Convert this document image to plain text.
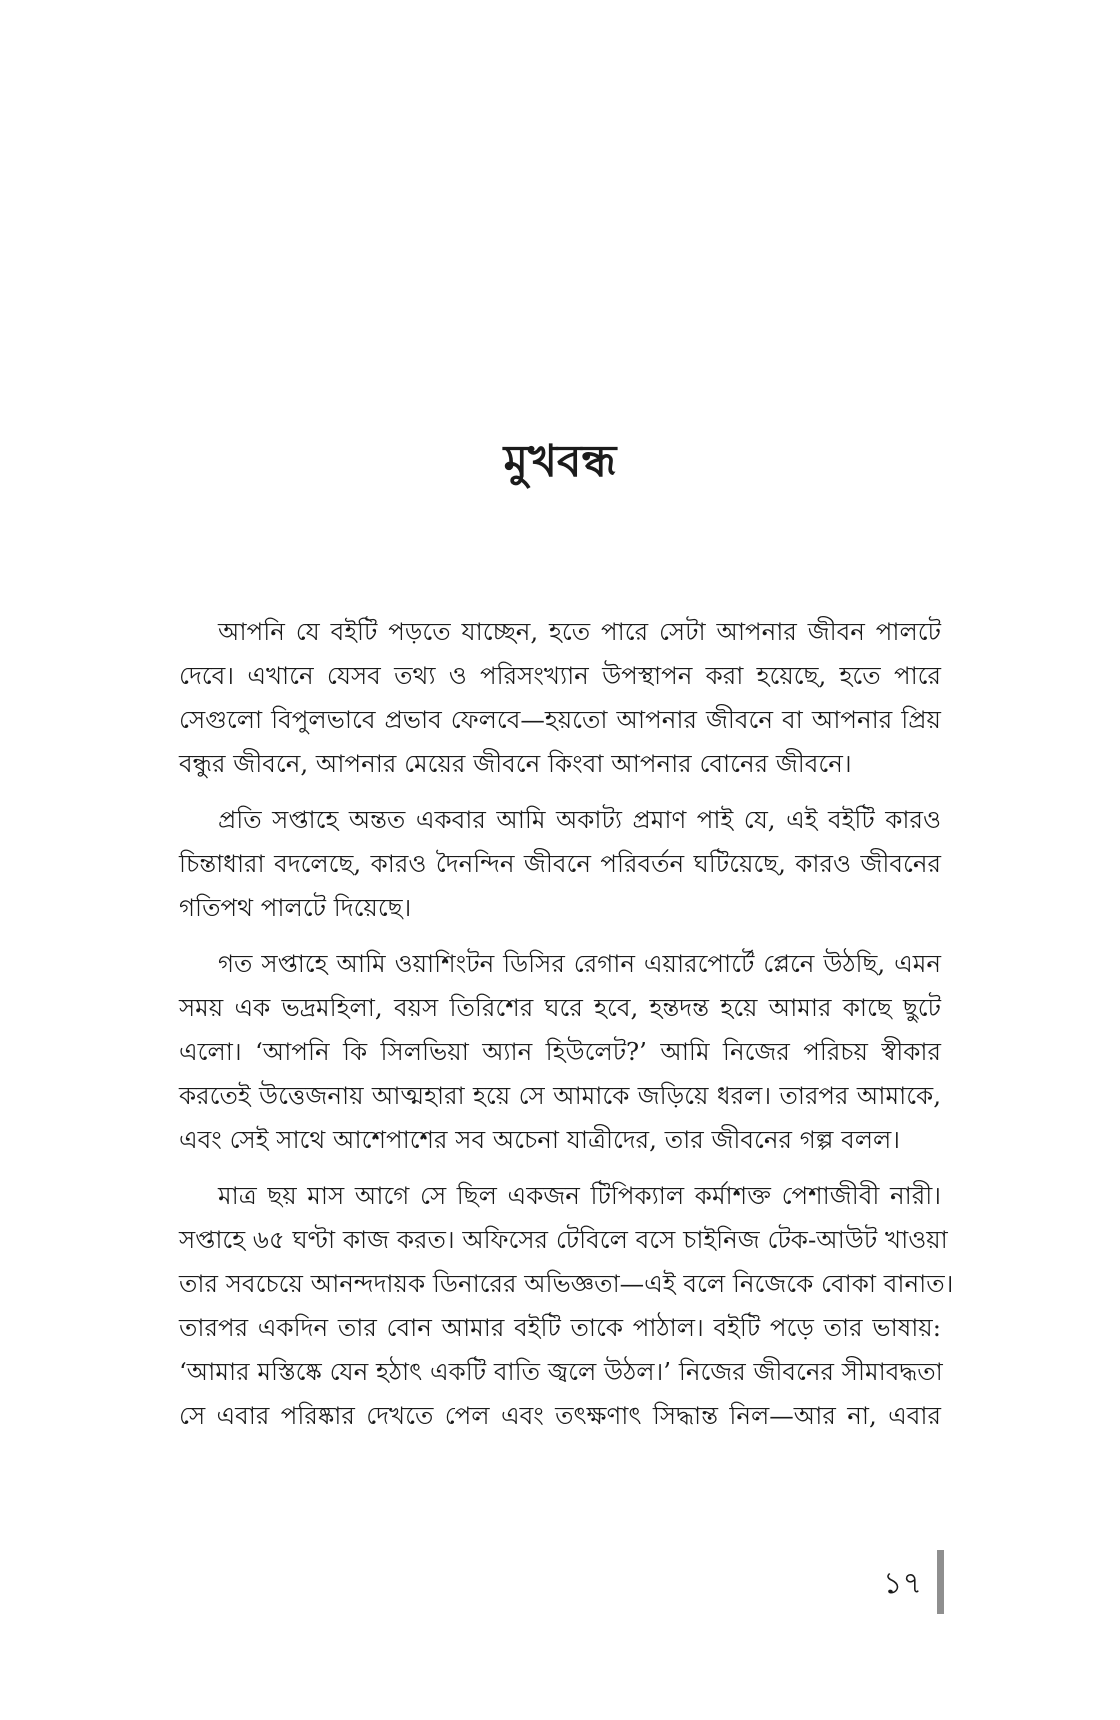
মুখবন্ধ

আপনি যে বইটি পড়তে যাচ্ছেন, হতে পারে সেটা আপনার জীবন পালটে
দেবে। এখানে যেসব তথ্য ও পরিসংখ্যান উপস্থাপন করা হয়েছে, হতে পারে
সেগুলো বিপুলভাবে প্রভাব ফেলবে—হয়তো আপনার জীবনে বা আপনার প্রিয়
বন্ধুর জীবনে, আপনার মেয়ের জীবনে কিংবা আপনার বোনের জীবনে।

প্রতি সপ্তাহে অন্তত একবার আমি অকাট্য প্রমাণ পাই যে, এই বইটি কারও
চিন্তাধারা বদলেছে, কারও দৈনন্দিন জীবনে পরিবর্তন ঘটিয়েছে, কারও জীবনের
গতিপথ পালটে দিয়েছে।

গত সপ্তাহে আমি ওয়াশিংটন ডিসির রেগান এয়ারপোর্টে প্লেনে উঠছি, এমন
সময় এক ভদ্রমহিলা, বয়স তিরিশের ঘরে হবে, হন্তদন্ত হয়ে আমার কাছে ছুটে
এলো। ‘আপনি কি সিলভিয়া অ্যান হিউলেট?’ আমি নিজের পরিচয় স্বীকার
করতেই উত্তেজনায় আত্মহারা হয়ে সে আমাকে জড়িয়ে ধরল। তারপর আমাকে,
এবং সেই সাথে আশেপাশের সব অচেনা যাত্রীদের, তার জীবনের গল্প বলল।

মাত্র ছয় মাস আগে সে ছিল একজন টিপিক্যাল কর্মাশক্ত পেশাজীবী নারী।
সপ্তাহে ৬৫ ঘণ্টা কাজ করত। অফিসের টেবিলে বসে চাইনিজ টেক-আউট খাওয়া
তার সবচেয়ে আনন্দদায়ক ডিনারের অভিজ্ঞতা—এই বলে নিজেকে বোকা বানাত।
তারপর একদিন তার বোন আমার বইটি তাকে পাঠাল। বইটি পড়ে তার ভাষায়:
‘আমার মস্তিষ্কে যেন হঠাৎ একটি বাতি জ্বলে উঠল।’ নিজের জীবনের সীমাবদ্ধতা
সে এবার পরিষ্কার দেখতে পেল এবং তৎক্ষণাৎ সিদ্ধান্ত নিল—আর না, এবার

১৭
